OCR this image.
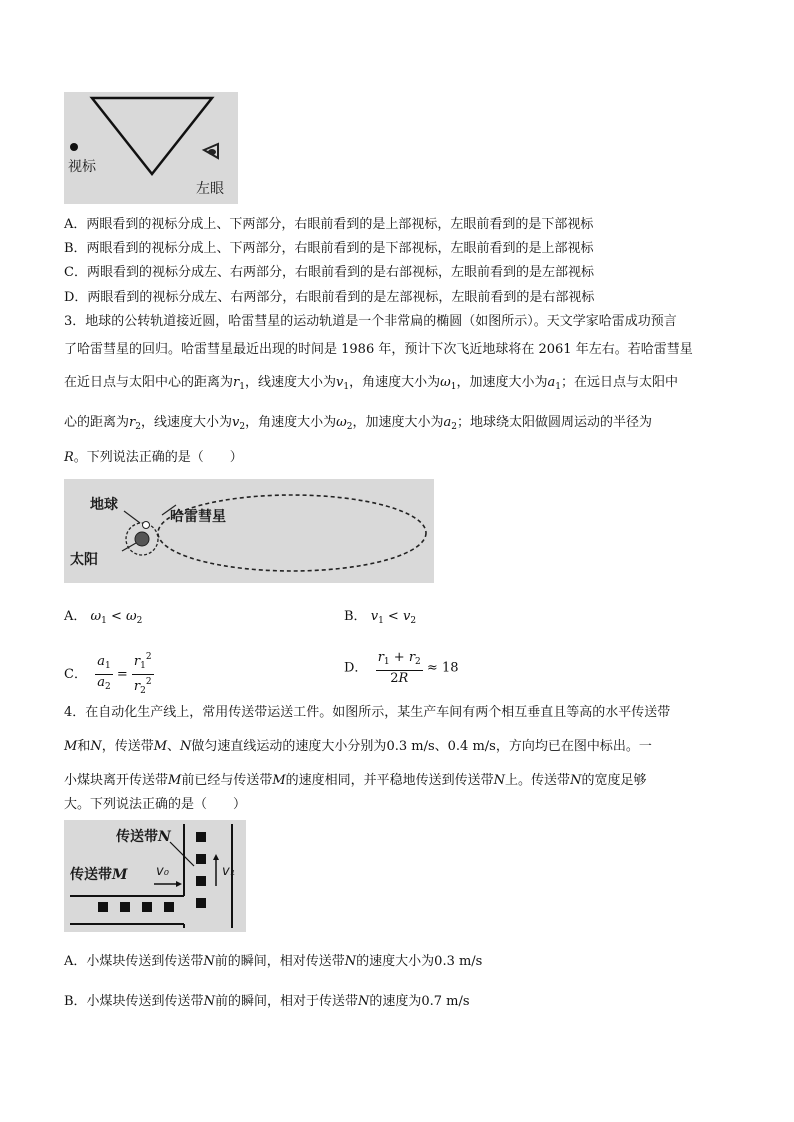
视标
左眼
A．两眼看到的视标分成上、下两部分，右眼前看到的是上部视标，左眼前看到的是下部视标
B．两眼看到的视标分成上、下两部分，右眼前看到的是下部视标，左眼前看到的是上部视标
C．两眼看到的视标分成左、右两部分，右眼前看到的是右部视标，左眼前看到的是左部视标
D．两眼看到的视标分成左、右两部分，右眼前看到的是左部视标，左眼前看到的是右部视标
3．地球的公转轨道接近圆，哈雷彗星的运动轨道是一个非常扁的椭圆（如图所示）。天文学家哈雷成功预言
了哈雷彗星的回归。哈雷彗星最近出现的时间是 1986 年，预计下次飞近地球将在 2061 年左右。若哈雷彗星
在近日点与太阳中心的距离为$r_1$，线速度大小为$v_1$，角速度大小为$\omega_1$，加速度大小为$a_1$；在远日点与太阳中
心的距离为$r_2$，线速度大小为$v_2$，角速度大小为$\omega_2$，加速度大小为$a_2$；地球绕太阳做圆周运动的半径为
R。下列说法正确的是（　　）
地球
哈雷彗星
太阳
A． $\omega_1 < \omega_2$	B． $v_1 < v_2$
C． $\frac{a_1}{a_2} = \frac{r_1^2}{r_2^2}$	D． $\frac{r_1 + r_2}{2R} \approx 18$
4．在自动化生产线上，常用传送带运送工件。如图所示，某生产车间有两个相互垂直且等高的水平传送带
M和N，传送带M、N做匀速直线运动的速度大小分别为0.3 m/s、0.4 m/s，方向均已在图中标出。一
小煤块离开传送带M前已经与传送带M的速度相同，并平稳地传送到传送带N上。传送带N的宽度足够
大。下列说法正确的是（　　）
传送带N
传送带M v₀	v₁
A．小煤块传送到传送带N前的瞬间，相对传送带N的速度大小为0.3 m/s
B．小煤块传送到传送带N前的瞬间，相对于传送带N的速度为0.7 m/s
